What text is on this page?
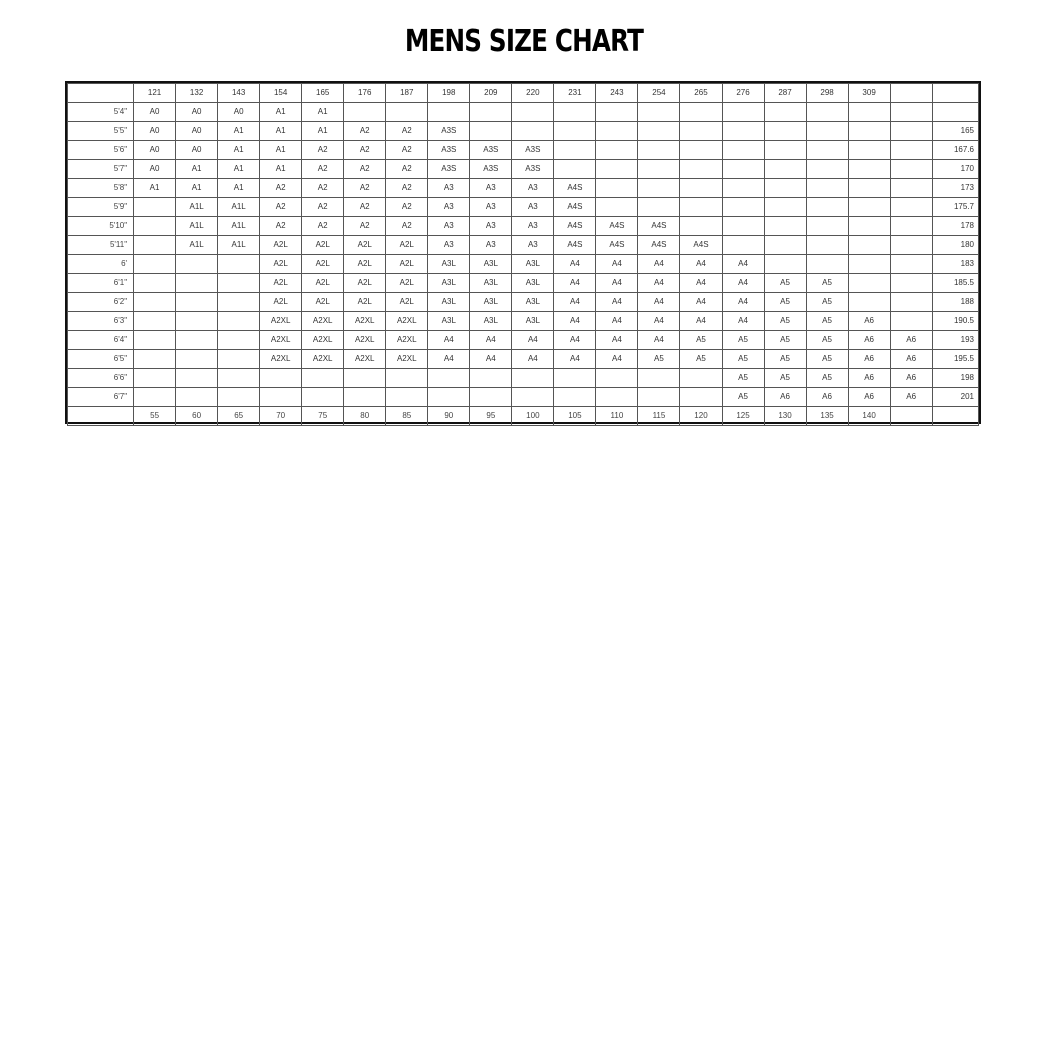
MENS SIZE CHART
	121	132	143	154	165	176	187	198	209	220	231	243	254	265	276	287	298	309		
5'4"	A0	A0	A0	A1	A1															
5'5"	A0	A0	A1	A1	A1	A2	A2	A3S												165
5'6"	A0	A0	A1	A1	A2	A2	A2	A3S	A3S	A3S										167.6
5'7"	A0	A1	A1	A1	A2	A2	A2	A3S	A3S	A3S										170
5'8"	A1	A1	A1	A2	A2	A2	A2	A3	A3	A3	A4S									173
5'9"		A1L	A1L	A2	A2	A2	A2	A3	A3	A3	A4S									175.7
5'10"		A1L	A1L	A2	A2	A2	A2	A3	A3	A3	A4S	A4S	A4S							178
5'11"		A1L	A1L	A2L	A2L	A2L	A2L	A3	A3	A3	A4S	A4S	A4S	A4S						180
6'				A2L	A2L	A2L	A2L	A3L	A3L	A3L	A4	A4	A4	A4	A4					183
6'1"				A2L	A2L	A2L	A2L	A3L	A3L	A3L	A4	A4	A4	A4	A4	A5	A5			185.5
6'2"				A2L	A2L	A2L	A2L	A3L	A3L	A3L	A4	A4	A4	A4	A4	A5	A5			188
6'3"				A2XL	A2XL	A2XL	A2XL	A3L	A3L	A3L	A4	A4	A4	A4	A4	A5	A5	A6		190.5
6'4"				A2XL	A2XL	A2XL	A2XL	A4	A4	A4	A4	A4	A4	A5	A5	A5	A5	A6	A6	193
6'5"				A2XL	A2XL	A2XL	A2XL	A4	A4	A4	A4	A4	A5	A5	A5	A5	A5	A6	A6	195.5
6'6"															A5	A5	A5	A6	A6	198
6'7"															A5	A6	A6	A6	A6	201
	55	60	65	70	75	80	85	90	95	100	105	110	115	120	125	130	135	140		
